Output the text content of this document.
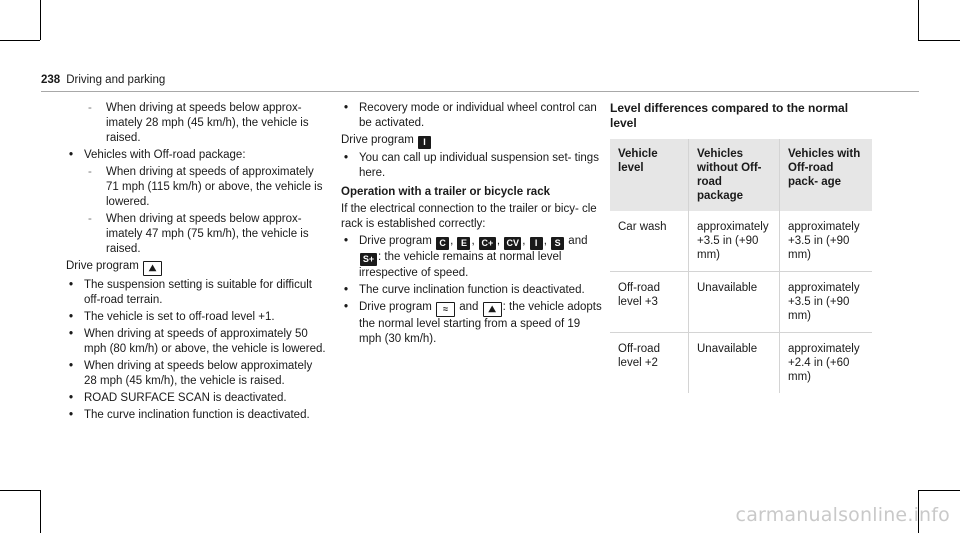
238 Driving and parking
- When driving at speeds below approx- imately 28 mph (45 km/h), the vehicle is raised.
• Vehicles with Off-road package:
- When driving at speeds of approximately 71 mph (115 km/h) or above, the vehicle is lowered.
- When driving at speeds below approx- imately 47 mph (75 km/h), the vehicle is raised.
Drive program ⛰
• The suspension setting is suitable for difficult off-road terrain.
• The vehicle is set to off-road level +1.
• When driving at speeds of approximately 50 mph (80 km/h) or above, the vehicle is lowered.
• When driving at speeds below approximately 28 mph (45 km/h), the vehicle is raised.
• ROAD SURFACE SCAN is deactivated.
• The curve inclination function is deactivated.
• Recovery mode or individual wheel control can be activated.
Drive program I
• You can call up individual suspension set- tings here.
Operation with a trailer or bicycle rack
If the electrical connection to the trailer or bicy- cle rack is established correctly:
• Drive program C , E , C+ , CV , I , S and S+ : the vehicle remains at normal level irrespective of speed.
• The curve inclination function is deactivated.
• Drive program ≈ and ⛰ : the vehicle adopts the normal level starting from a speed of 19 mph (30 km/h).
Level differences compared to the normal level
Vehicle level	Vehicles without Off-road package	Vehicles with Off-road pack- age
Car wash	approximately +3.5 in (+90 mm)	approximately +3.5 in (+90 mm)
Off-road level +3	Unavailable	approximately +3.5 in (+90 mm)
Off-road level +2	Unavailable	approximately +2.4 in (+60 mm)
carmanualsonline.info
